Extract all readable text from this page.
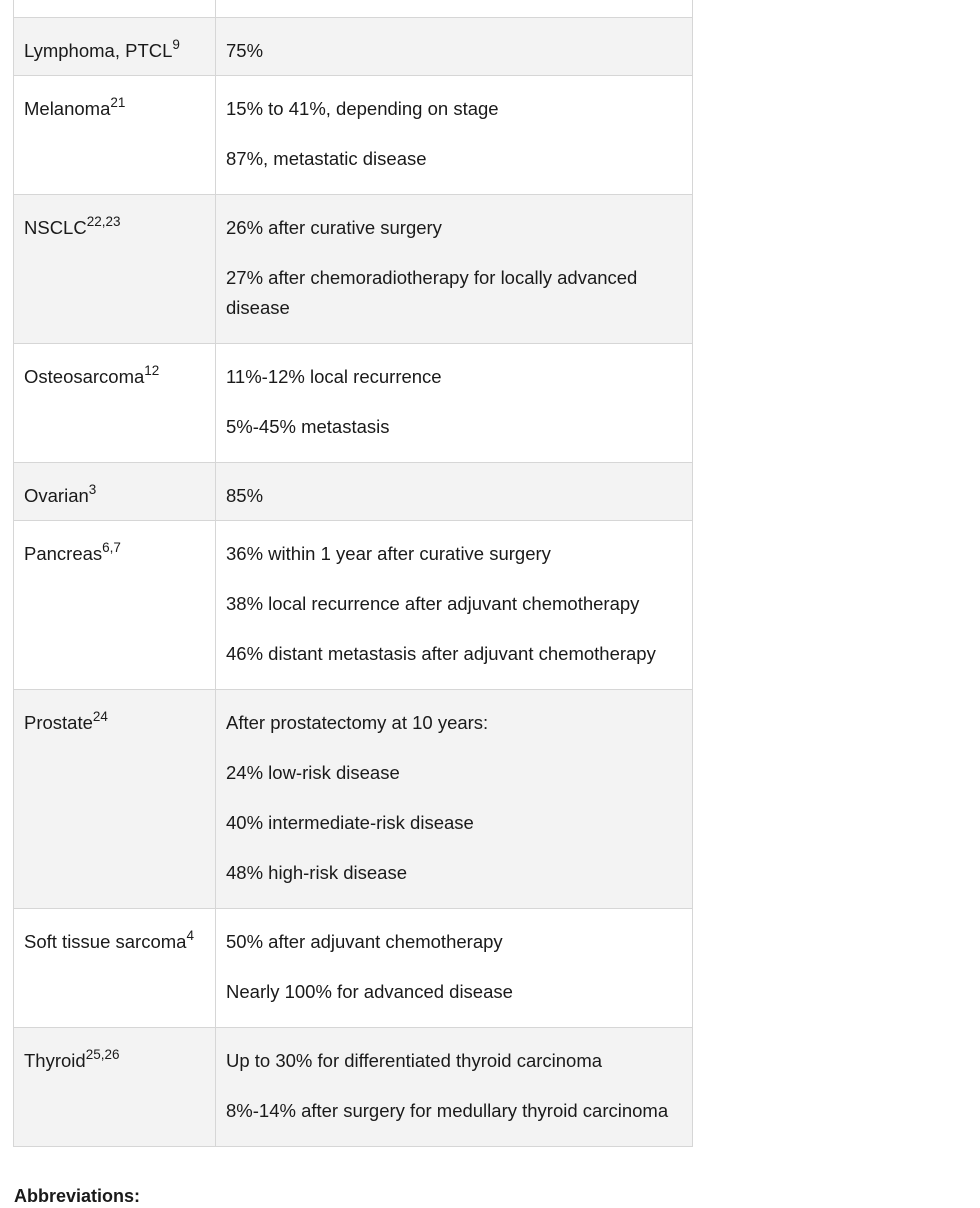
Lymphoma, PTCL$^9$	75%

Melanoma$^{21}$	15% to 41%, depending on stage

87%, metastatic disease

NSCLC$^{22,23}$	26% after curative surgery

27% after chemoradiotherapy for locally advanced disease

Osteosarcoma$^{12}$	11%-12% local recurrence

5%-45% metastasis

Ovarian$^3$	85%

Pancreas$^{6,7}$	36% within 1 year after curative surgery

38% local recurrence after adjuvant chemotherapy

46% distant metastasis after adjuvant chemotherapy

Prostate$^{24}$	After prostatectomy at 10 years:

24% low-risk disease

40% intermediate-risk disease

48% high-risk disease

Soft tissue sarcoma$^4$	50% after adjuvant chemotherapy

Nearly 100% for advanced disease

Thyroid$^{25,26}$	Up to 30% for differentiated thyroid carcinoma

8%-14% after surgery for medullary thyroid carcinoma

Abbreviations:
